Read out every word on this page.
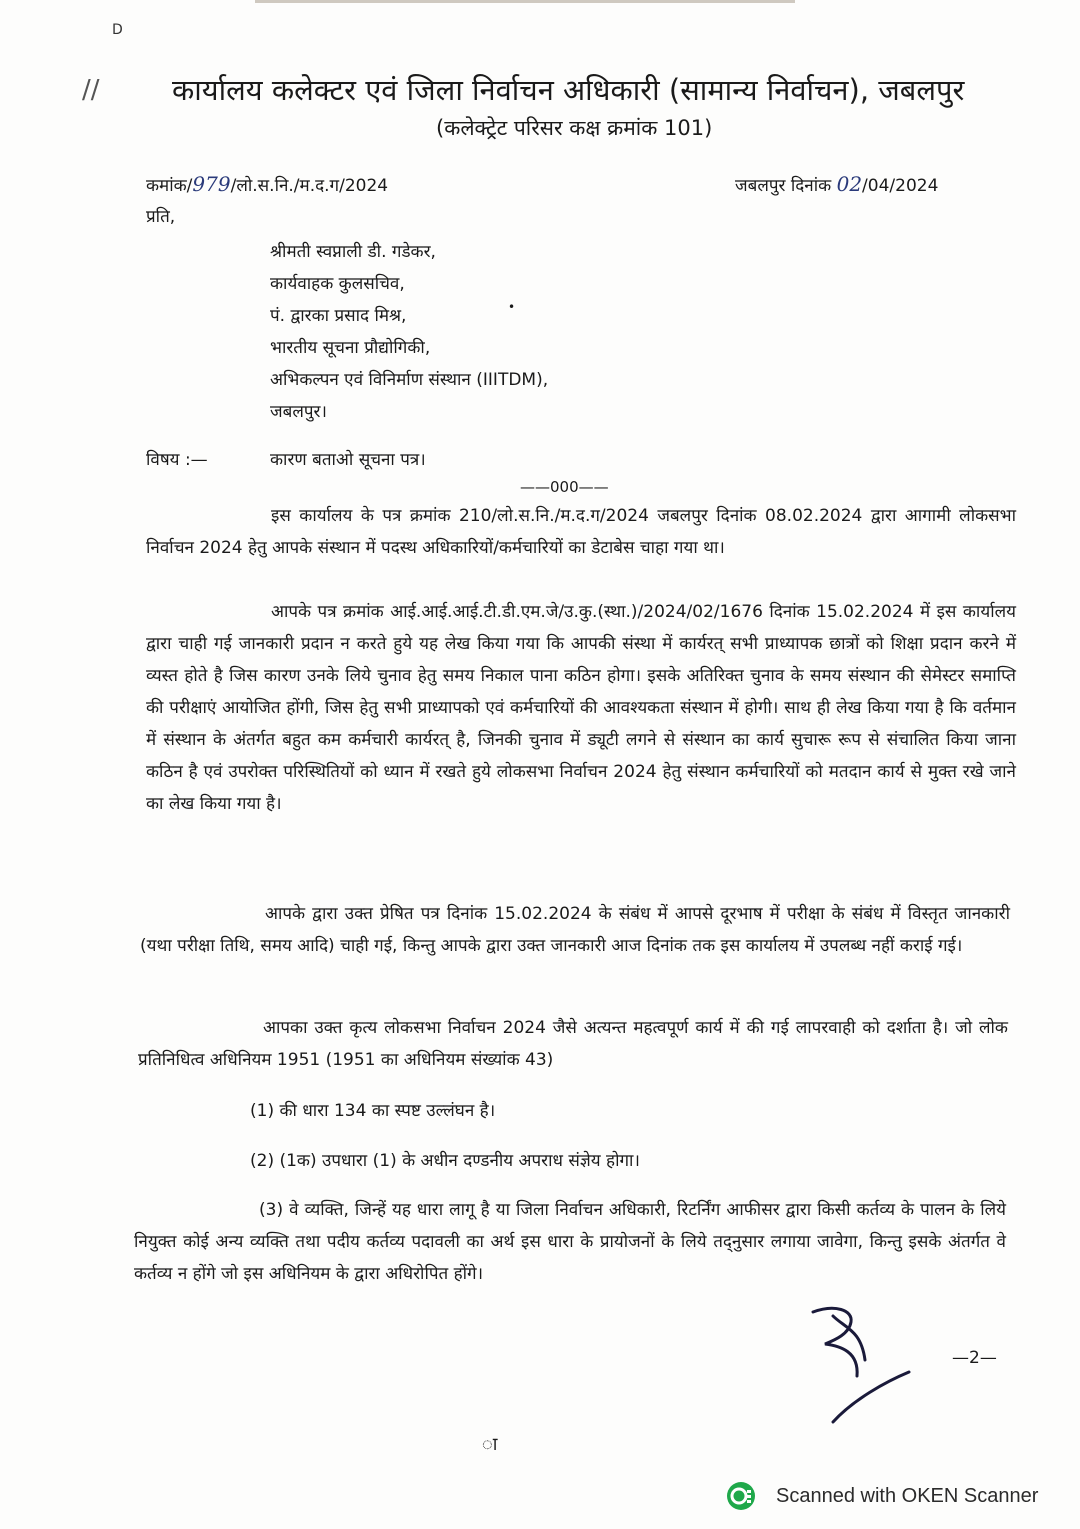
D
// कार्यालय कलेक्टर एवं जिला निर्वाचन अधिकारी (सामान्य निर्वाचन), जबलपुर
(कलेक्ट्रेट परिसर कक्ष क्रमांक 101)
कमांक/979/लो.स.नि./म.द.ग/2024	जबलपुर दिनांक 02/04/2024
प्रति,
श्रीमती स्वप्नाली डी. गडेकर,
कार्यवाहक कुलसचिव,
पं. द्वारका प्रसाद मिश्र,
भारतीय सूचना प्रौद्योगिकी,
अभिकल्पन एवं विनिर्माण संस्थान (IIITDM),
जबलपुर।
•
विषय :—	कारण बताओ सूचना पत्र।
——000——
इस कार्यालय के पत्र क्रमांक 210/लो.स.नि./म.द.ग/2024 जबलपुर दिनांक 08.02.2024 द्वारा आगामी लोकसभा निर्वाचन 2024 हेतु आपके संस्थान में पदस्थ अधिकारियों/कर्मचारियों का डेटाबेस चाहा गया था।
आपके पत्र क्रमांक आई.आई.आई.टी.डी.एम.जे/उ.कु.(स्था.)/2024/02/1676 दिनांक 15.02.2024 में इस कार्यालय द्वारा चाही गई जानकारी प्रदान न करते हुये यह लेख किया गया कि आपकी संस्था में कार्यरत् सभी प्राध्यापक छात्रों को शिक्षा प्रदान करने में व्यस्त होते है जिस कारण उनके लिये चुनाव हेतु समय निकाल पाना कठिन होगा। इसके अतिरिक्त चुनाव के समय संस्थान की सेमेस्टर समाप्ति की परीक्षाएं आयोजित होंगी, जिस हेतु सभी प्राध्यापको एवं कर्मचारियों की आवश्यकता संस्थान में होगी। साथ ही लेख किया गया है कि वर्तमान में संस्थान के अंतर्गत बहुत कम कर्मचारी कार्यरत् है, जिनकी चुनाव में ड्यूटी लगने से संस्थान का कार्य सुचारू रूप से संचालित किया जाना कठिन है एवं उपरोक्त परिस्थितियों को ध्यान में रखते हुये लोकसभा निर्वाचन 2024 हेतु संस्थान कर्मचारियों को मतदान कार्य से मुक्त रखे जाने का लेख किया गया है।
आपके द्वारा उक्त प्रेषित पत्र दिनांक 15.02.2024 के संबंध में आपसे दूरभाष में परीक्षा के संबंध में विस्तृत जानकारी (यथा परीक्षा तिथि, समय आदि) चाही गई, किन्तु आपके द्वारा उक्त जानकारी आज दिनांक तक इस कार्यालय में उपलब्ध नहीं कराई गई।
आपका उक्त कृत्य लोकसभा निर्वाचन 2024 जैसे अत्यन्त महत्वपूर्ण कार्य में की गई लापरवाही को दर्शाता है। जो लोक प्रतिनिधित्व अधिनियम 1951 (1951 का अधिनियम संख्यांक 43)
(1) की धारा 134 का स्पष्ट उल्लंघन है।
(2) (1क) उपधारा (1) के अधीन दण्डनीय अपराध संज्ञेय होगा।
(3) वे व्यक्ति, जिन्हें यह धारा लागू है या जिला निर्वाचन अधिकारी, रिटर्निंग आफीसर द्वारा किसी कर्तव्य के पालन के लिये नियुक्त कोई अन्य व्यक्ति तथा पदीय कर्तव्य पदावली का अर्थ इस धारा के प्रायोजनों के लिये तद्नुसार लगाया जावेगा, किन्तु इसके अंतर्गत वे कर्तव्य न होंगे जो इस अधिनियम के द्वारा अधिरोपित होंगे।
—2—
ा
Scanned with OKEN Scanner
